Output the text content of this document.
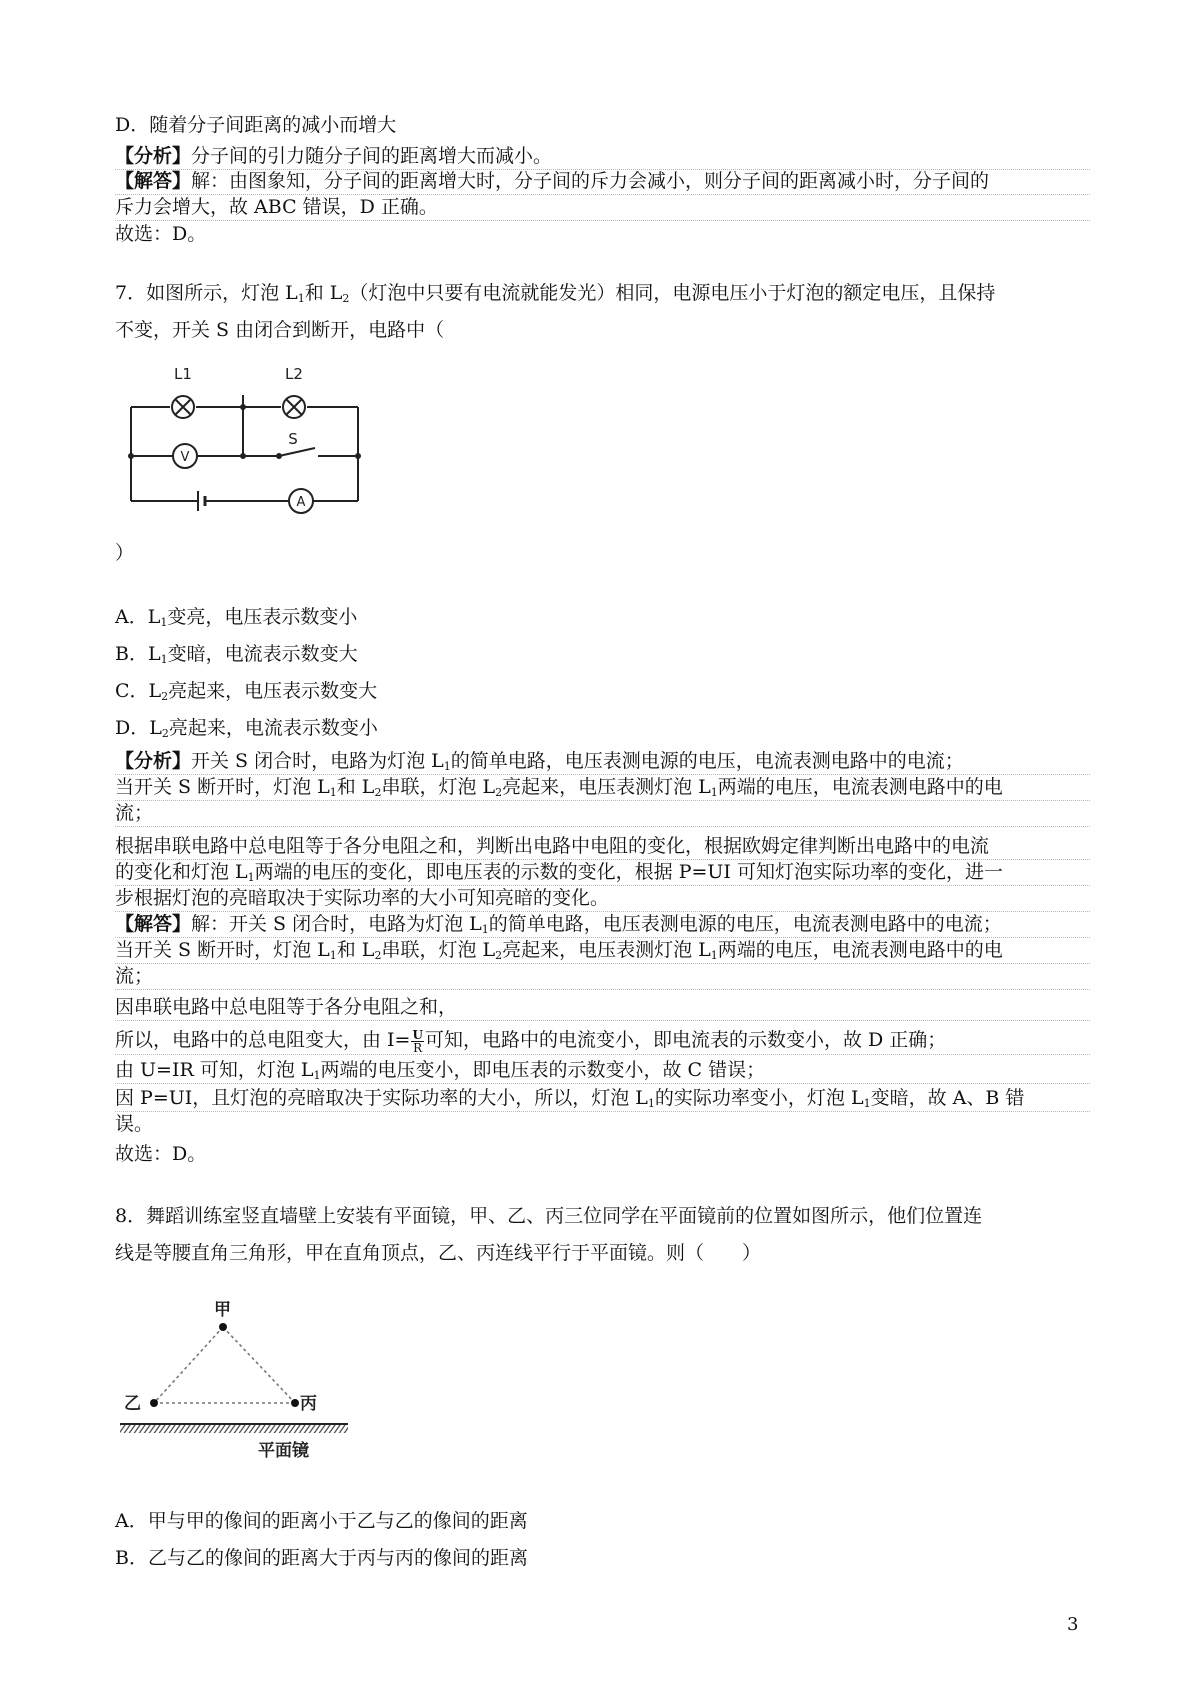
D．随着分子间距离的减小而增大
【分析】分子间的引力随分子间的距离增大而减小。
【解答】解：由图象知，分子间的距离增大时，分子间的斥力会减小，则分子间的距离减小时，分子间的
斥力会增大，故 ABC 错误，D 正确。
故选：D。
7．如图所示，灯泡 $L_1$和 $L_2$（灯泡中只要有电流就能发光）相同，电源电压小于灯泡的额定电压，且保持
不变，开关 S 由闭合到断开，电路中（
L1	L2
V
S
A
）
A．$L_1$变亮，电压表示数变小
B．$L_1$变暗，电流表示数变大
C．$L_2$亮起来，电压表示数变大
D．$L_2$亮起来，电流表示数变小
【分析】开关 S 闭合时，电路为灯泡 $L_1$的简单电路，电压表测电源的电压，电流表测电路中的电流；
当开关 S 断开时，灯泡 $L_1$和 $L_2$串联，灯泡 $L_2$亮起来，电压表测灯泡 $L_1$两端的电压，电流表测电路中的电
流；
根据串联电路中总电阻等于各分电阻之和，判断出电路中电阻的变化，根据欧姆定律判断出电路中的电流
的变化和灯泡 $L_1$两端的电压的变化，即电压表的示数的变化，根据 P=UI 可知灯泡实际功率的变化，进一
步根据灯泡的亮暗取决于实际功率的大小可知亮暗的变化。
【解答】解：开关 S 闭合时，电路为灯泡 $L_1$的简单电路，电压表测电源的电压，电流表测电路中的电流；
当开关 S 断开时，灯泡 $L_1$和 $L_2$串联，灯泡 $L_2$亮起来，电压表测灯泡 $L_1$两端的电压，电流表测电路中的电
流；
因串联电路中总电阻等于各分电阻之和，
所以，电路中的总电阻变大，由 $I= \frac{U}{R}$ 可知，电路中的电流变小，即电流表的示数变小，故 D 正确；
由 U=IR 可知，灯泡 $L_1$两端的电压变小，即电压表的示数变小，故 C 错误；
因 P=UI，且灯泡的亮暗取决于实际功率的大小，所以，灯泡 $L_1$的实际功率变小，灯泡 $L_1$变暗，故 A、B 错
误。
故选：D。
8．舞蹈训练室竖直墙壁上安装有平面镜，甲、乙、丙三位同学在平面镜前的位置如图所示，他们位置连
线是等腰直角三角形，甲在直角顶点，乙、丙连线平行于平面镜。则（　　）
甲
乙	丙
平面镜
A．甲与甲的像间的距离小于乙与乙的像间的距离
B．乙与乙的像间的距离大于丙与丙的像间的距离
3
